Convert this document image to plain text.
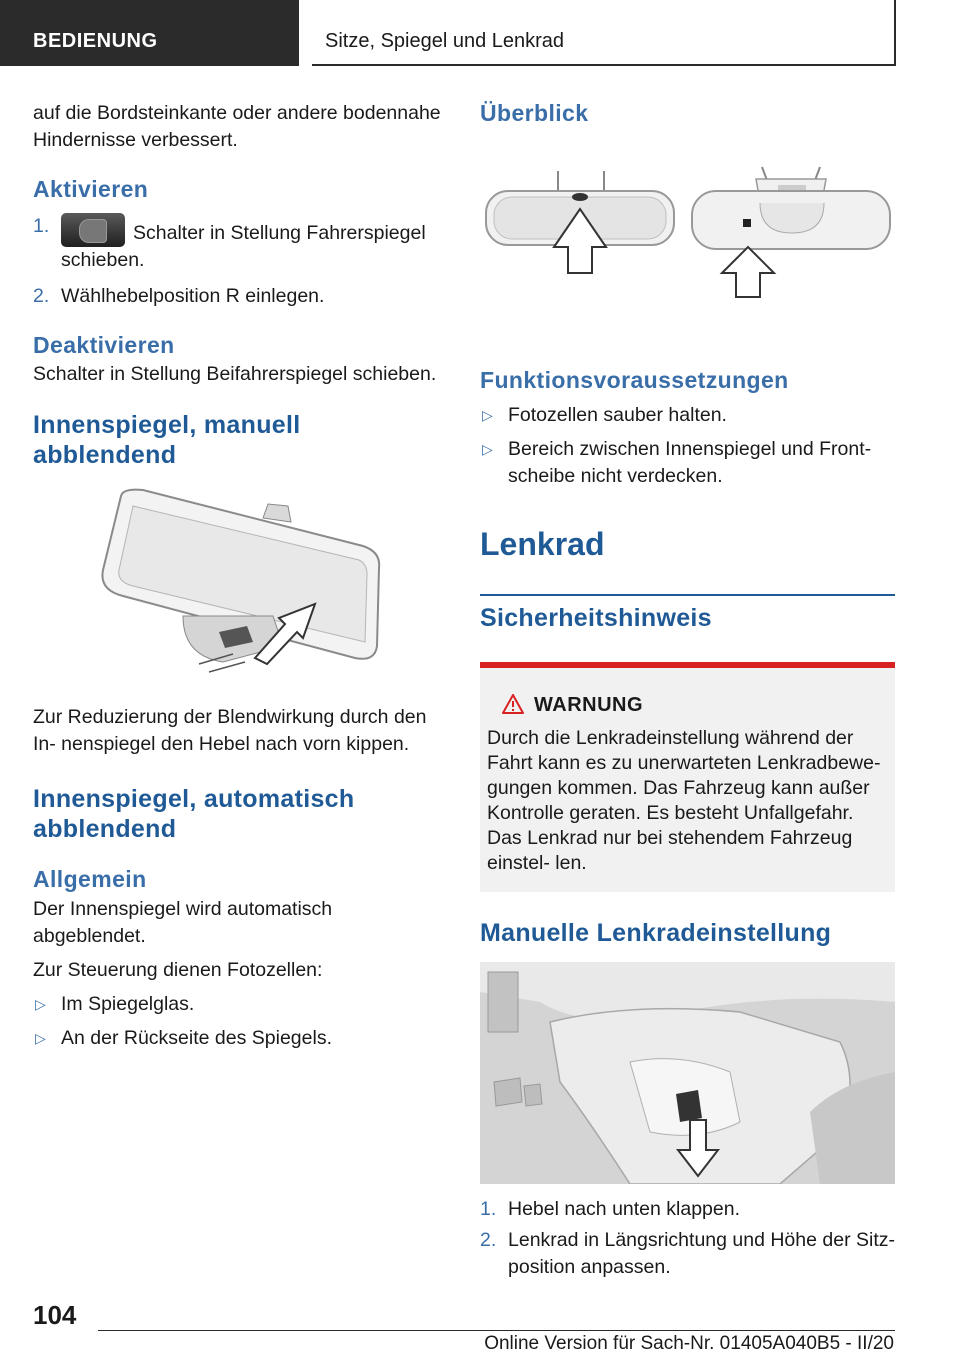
BEDIENUNG	Sitze, Spiegel und Lenkrad

auf die Bordsteinkante oder andere bodennahe Hindernisse verbessert.

Aktivieren
1.	Schalter in Stellung Fahrerspiegel schieben.
2. Wählhebelposition R einlegen.
Deaktivieren

Schalter in Stellung Beifahrerspiegel schieben.

Innenspiegel, manuell
abblendend

Zur Reduzierung der Blendwirkung durch den In- nenspiegel den Hebel nach vorn kippen.

Innenspiegel, automatisch
abblendend
Allgemein

Der Innenspiegel wird automatisch abgeblendet.

Zur Steuerung dienen Fotozellen:

▷ Im Spiegelglas.
▷ An der Rückseite des Spiegels.
Überblick
Funktionsvoraussetzungen
▷ Fotozellen sauber halten.
▷ Bereich zwischen Innenspiegel und Front- scheibe nicht verdecken.
Lenkrad
Sicherheitshinweis
WARNUNG
Durch die Lenkradeinstellung während der Fahrt kann es zu unerwarteten Lenkradbewe- gungen kommen. Das Fahrzeug kann außer Kontrolle geraten. Es besteht Unfallgefahr. Das Lenkrad nur bei stehendem Fahrzeug einstel- len.
Manuelle Lenkradeinstellung
1. Hebel nach unten klappen.
2. Lenkrad in Längsrichtung und Höhe der Sitz- position anpassen.
104
Online Version für Sach-Nr. 01405A040B5 - II/20
